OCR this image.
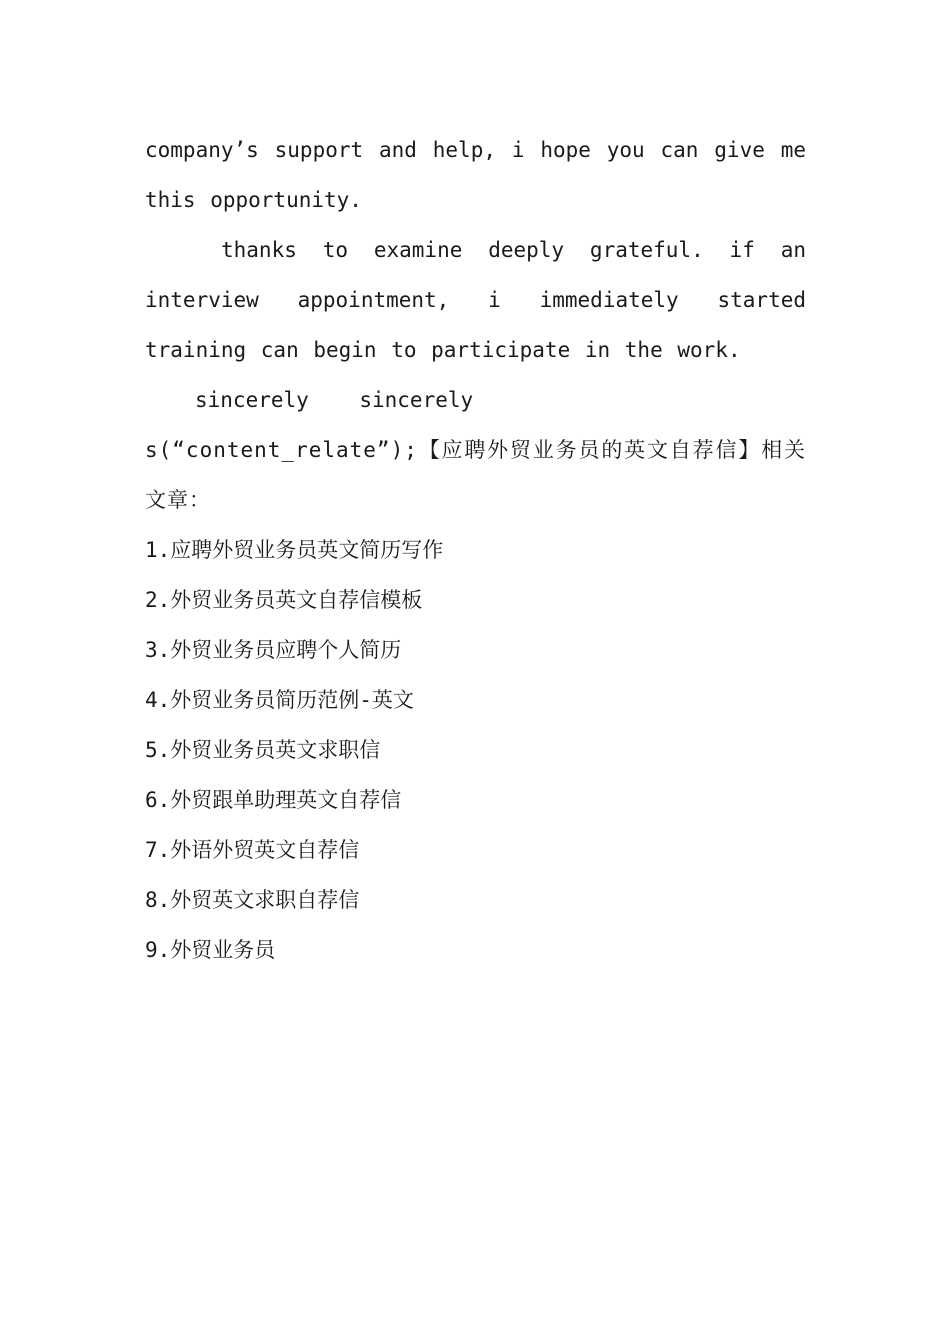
company’s support and help, i hope you can give me this opportunity.

thanks to examine deeply grateful. if an interview appointment, i immediately started training can begin to participate in the work.

sincerely    sincerely

s(“content_relate”);【应聘外贸业务员的英文自荐信】相关文章：

1.应聘外贸业务员英文简历写作
2.外贸业务员英文自荐信模板
3.外贸业务员应聘个人简历
4.外贸业务员简历范例-英文
5.外贸业务员英文求职信
6.外贸跟单助理英文自荐信
7.外语外贸英文自荐信
8.外贸英文求职自荐信
9.外贸业务员
